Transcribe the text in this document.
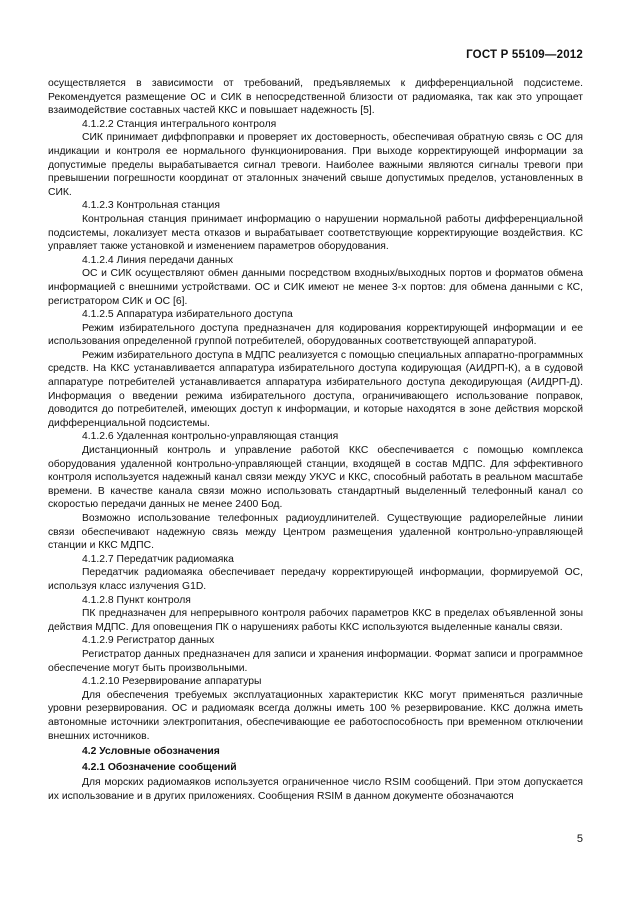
ГОСТ Р 55109—2012

осуществляется в зависимости от требований, предъявляемых к дифференциальной подсистеме. Рекомендуется размещение ОС и СИК в непосредственной близости от радиомаяка, так как это упрощает взаимодействие составных частей ККС и повышает надежность [5].

4.1.2.2 Станция интегрального контроля

СИК принимает диффпоправки и проверяет их достоверность, обеспечивая обратную связь с ОС для индикации и контроля ее нормального функционирования. При выходе корректирующей информации за допустимые пределы вырабатывается сигнал тревоги. Наиболее важными являются сигналы тревоги при превышении погрешности координат от эталонных значений свыше допустимых пределов, установленных в СИК.

4.1.2.3 Контрольная станция

Контрольная станция принимает информацию о нарушении нормальной работы дифференциальной подсистемы, локализует места отказов и вырабатывает соответствующие корректирующие воздействия. КС управляет также установкой и изменением параметров оборудования.

4.1.2.4 Линия передачи данных

ОС и СИК осуществляют обмен данными посредством входных/выходных портов и форматов обмена информацией с внешними устройствами. ОС и СИК имеют не менее 3-х портов: для обмена данными с КС, регистратором СИК и ОС [6].

4.1.2.5 Аппаратура избирательного доступа

Режим избирательного доступа предназначен для кодирования корректирующей информации и ее использования определенной группой потребителей, оборудованных соответствующей аппаратурой.

Режим избирательного доступа в МДПС реализуется с помощью специальных аппаратно-программных средств. На ККС устанавливается аппаратура избирательного доступа кодирующая (АИДРП-К), а в судовой аппаратуре потребителей устанавливается аппаратура избирательного доступа декодирующая (АИДРП-Д). Информация о введении режима избирательного доступа, ограничивающего использование поправок, доводится до потребителей, имеющих доступ к информации, и которые находятся в зоне действия морской дифференциальной подсистемы.

4.1.2.6 Удаленная контрольно-управляющая станция

Дистанционный контроль и управление работой ККС обеспечивается с помощью комплекса оборудования удаленной контрольно-управляющей станции, входящей в состав МДПС. Для эффективного контроля используется надежный канал связи между УКУС и ККС, способный работать в реальном масштабе времени. В качестве канала связи можно использовать стандартный выделенный телефонный канал со скоростью передачи данных не менее 2400 Бод.

Возможно использование телефонных радиоудлинителей. Существующие радиорелейные линии связи обеспечивают надежную связь между Центром размещения удаленной контрольно-управляющей станции и ККС МДПС.

4.1.2.7 Передатчик радиомаяка

Передатчик радиомаяка обеспечивает передачу корректирующей информации, формируемой ОС, используя класс излучения G1D.

4.1.2.8 Пункт контроля

ПК предназначен для непрерывного контроля рабочих параметров ККС в пределах объявленной зоны действия МДПС. Для оповещения ПК о нарушениях работы ККС используются выделенные каналы связи.

4.1.2.9 Регистратор данных

Регистратор данных предназначен для записи и хранения информации. Формат записи и программное обеспечение могут быть произвольными.

4.1.2.10 Резервирование аппаратуры

Для обеспечения требуемых эксплуатационных характеристик ККС могут применяться различные уровни резервирования. ОС и радиомаяк всегда должны иметь 100 % резервирование. ККС должна иметь автономные источники электропитания, обеспечивающие ее работоспособность при временном отключении внешних источников.

4.2 Условные обозначения

4.2.1 Обозначение сообщений

Для морских радиомаяков используется ограниченное число RSIM сообщений. При этом допускается их использование и в других приложениях. Сообщения RSIM в данном документе обозначаются

5
